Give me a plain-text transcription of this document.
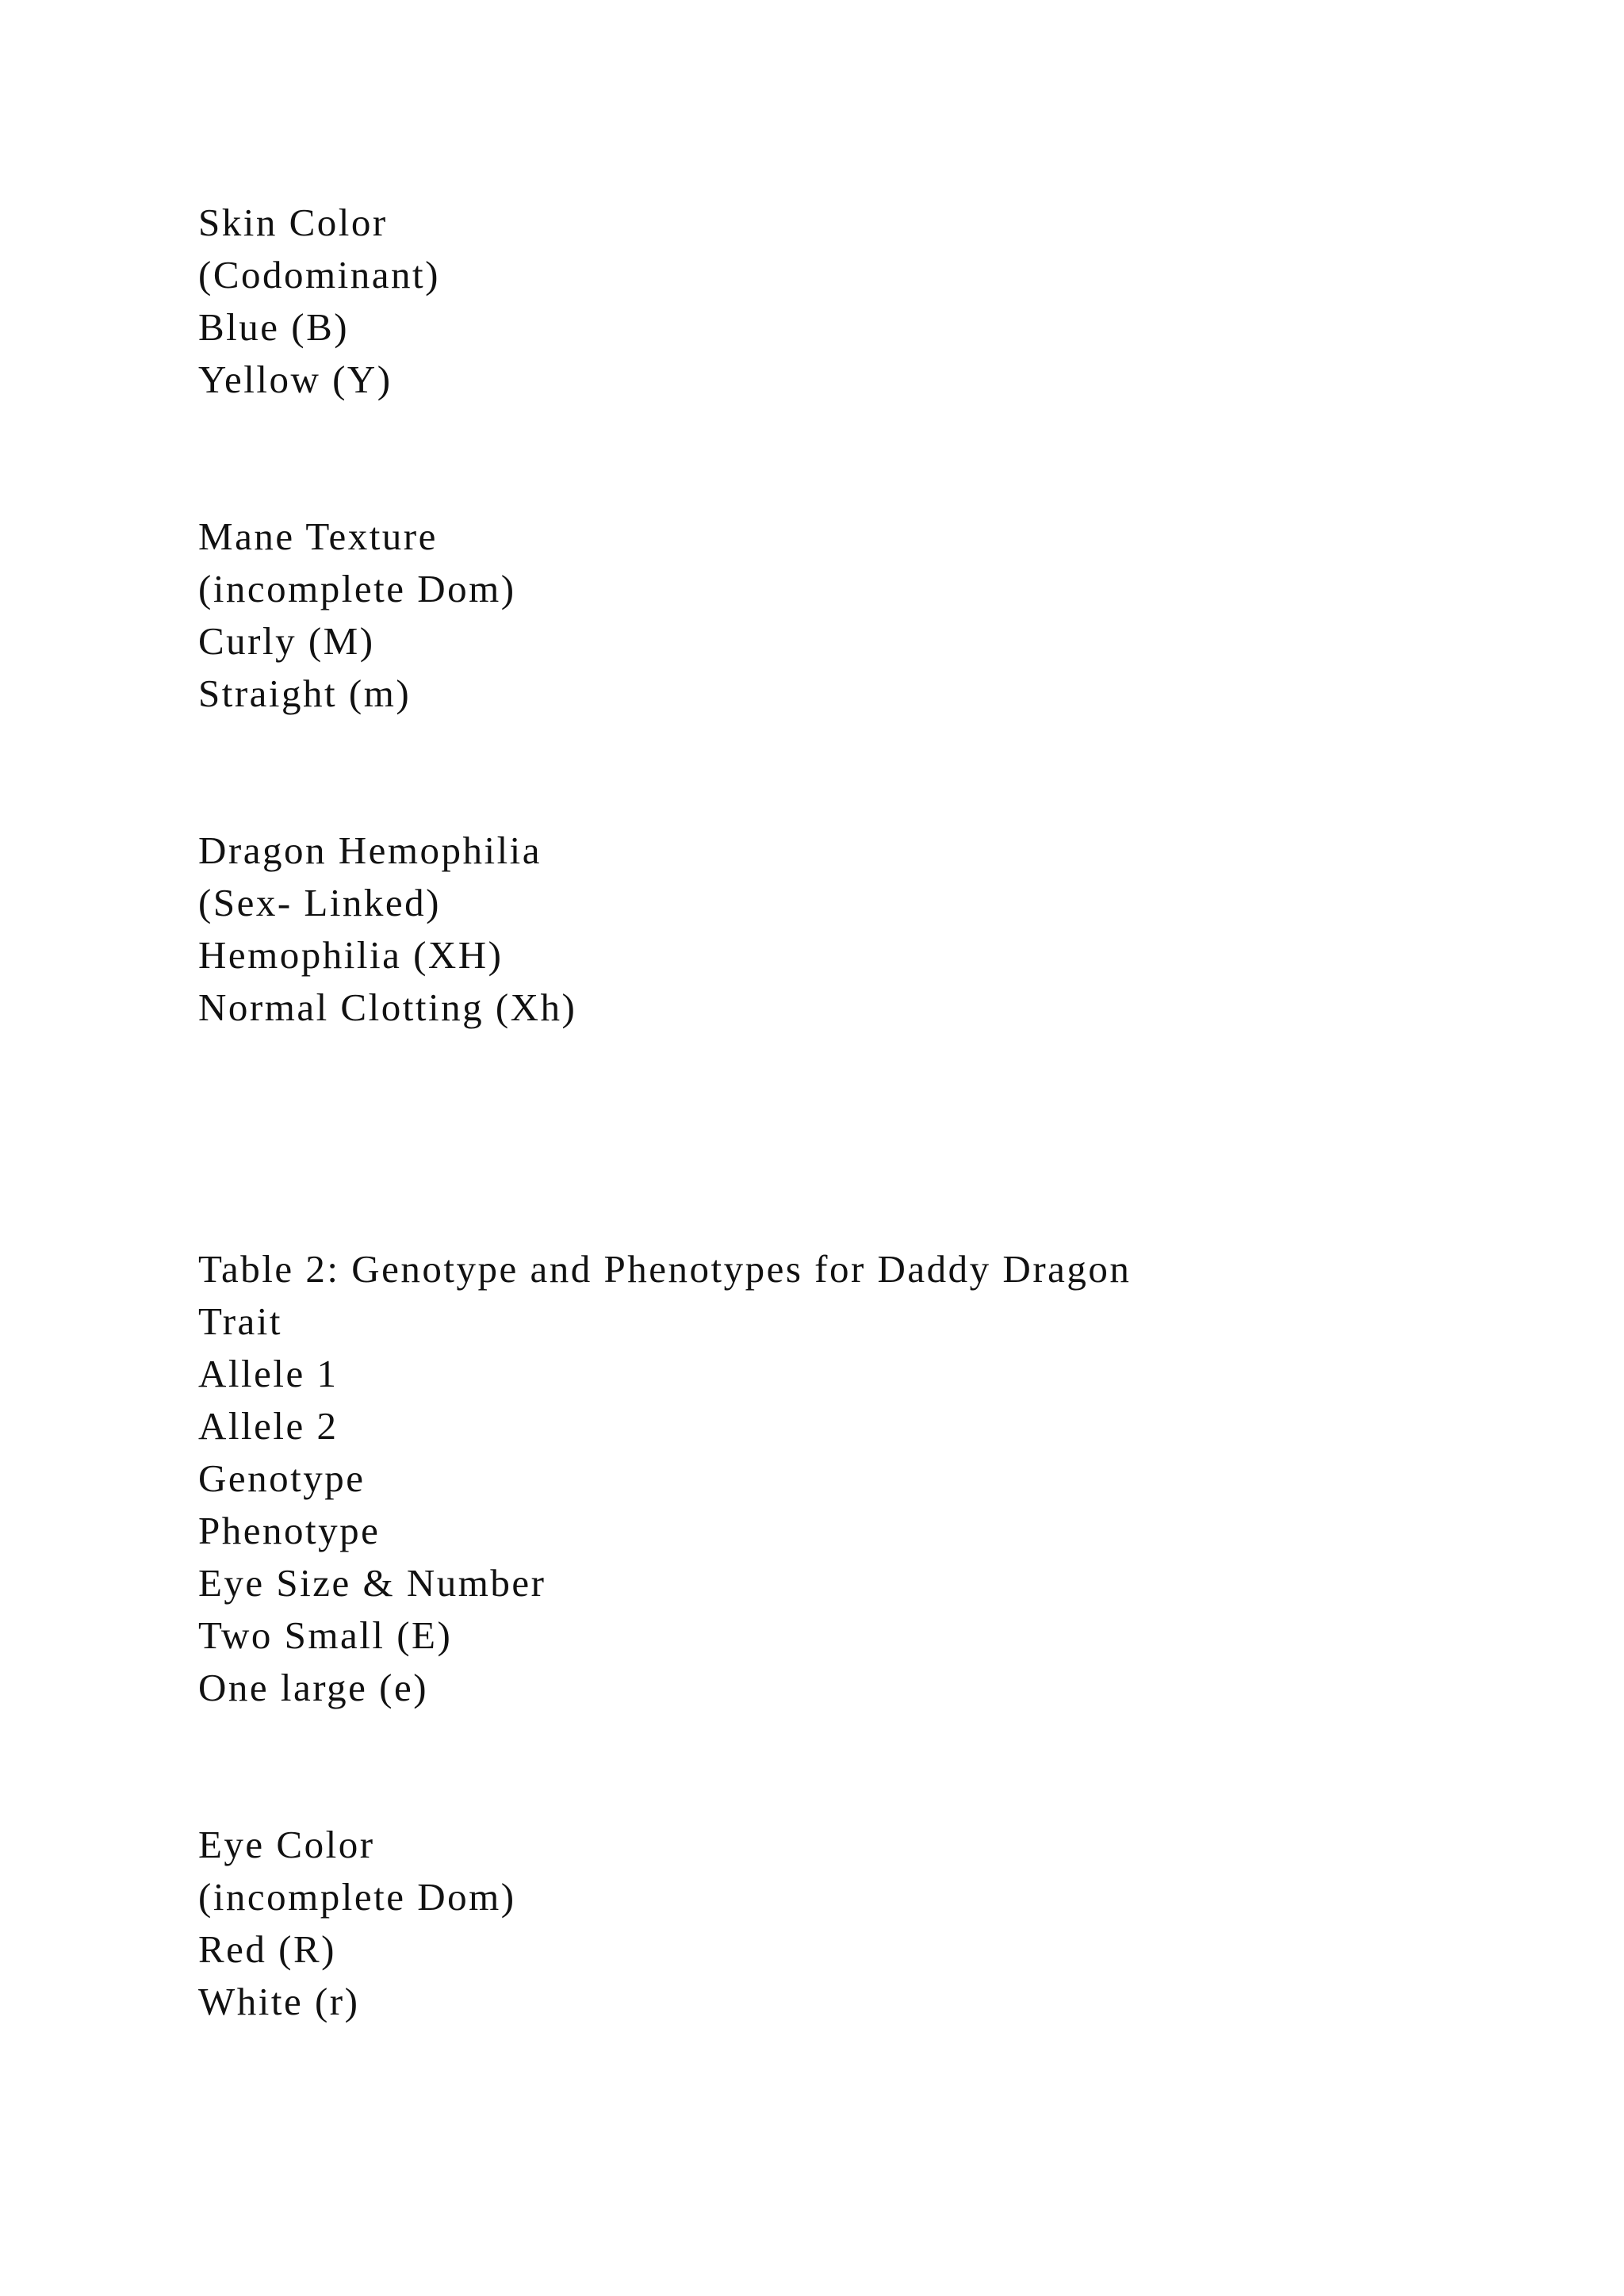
Skin Color
(Codominant)
Blue (B)
Yellow (Y)
Mane Texture
(incomplete Dom)
Curly (M)
Straight (m)
Dragon Hemophilia
(Sex- Linked)
Hemophilia (XH)
Normal Clotting (Xh)
Table 2: Genotype and Phenotypes for Daddy Dragon
Trait
Allele 1
Allele 2
Genotype
Phenotype
Eye Size & Number
Two Small (E)
One large (e)
Eye Color
(incomplete Dom)
Red (R)
White (r)
